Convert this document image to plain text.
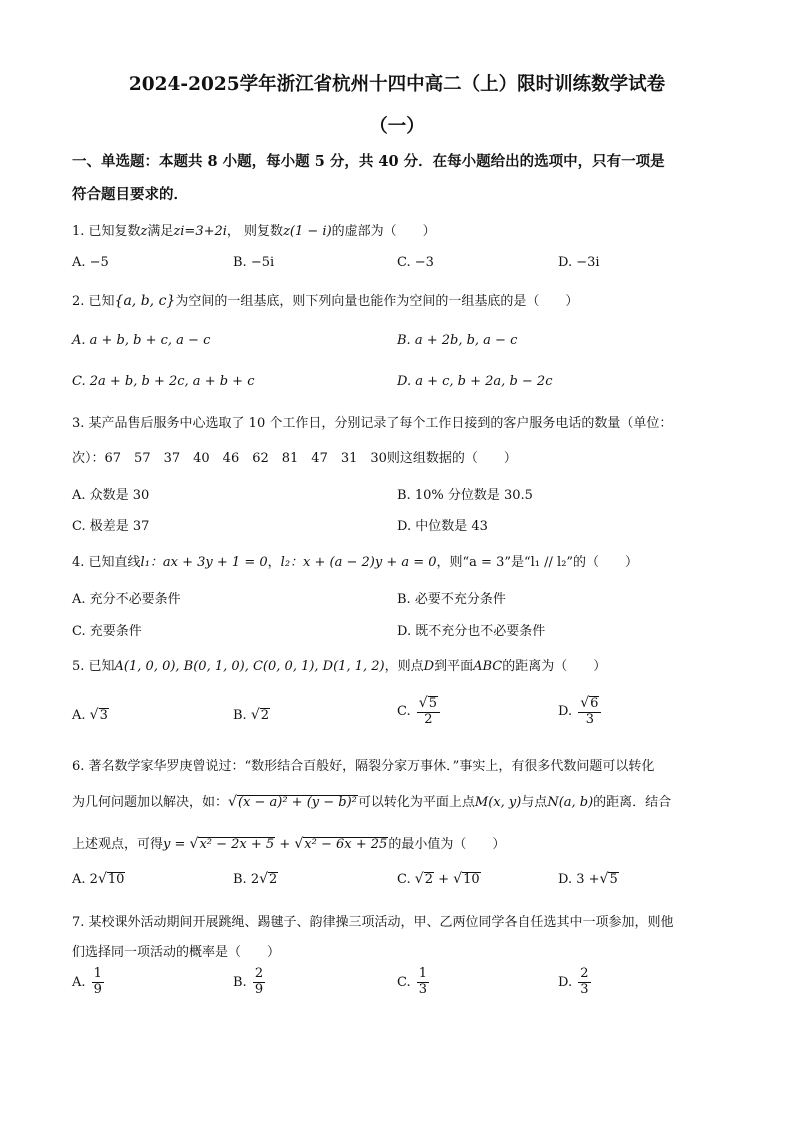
2024-2025学年浙江省杭州十四中高二（上）限时训练数学试卷
（一）
一、单选题：本题共 8 小题，每小题 5 分，共 40 分．在每小题给出的选项中，只有一项是
符合题目要求的．
1. 已知复数z满足zi=3+2i， 则复数z(1 − i)的虚部为（　　）
A. −5	B. −5i	C. −3	D. −3i
2. 已知{a, b, c}为空间的一组基底，则下列向量也能作为空间的一组基底的是（　　）
A. a + b, b + c, a − c	B. a + 2b, b, a − c
C. 2a + b, b + 2c, a + b + c	D. a + c, b + 2a, b − 2c
3. 某产品售后服务中心选取了 10 个工作日，分别记录了每个工作日接到的客户服务电话的数量（单位：
次）：67　57　37　40　46　62　81　47　31　30则这组数据的（　　）
A. 众数是 30	B. 10% 分位数是 30.5
C. 极差是 37	D. 中位数是 43
4. 已知直线l₁：ax + 3y + 1 = 0，l₂：x + (a − 2)y + a = 0，则“a = 3”是“l₁ // l₂”的（　　）
A. 充分不必要条件	B. 必要不充分条件
C. 充要条件	D. 既不充分也不必要条件
5. 已知A(1, 0, 0), B(0, 1, 0), C(0, 0, 1), D(1, 1, 2)，则点D到平面ABC的距离为（　　）
A. √3	B. √2	C. $\frac{√5}{2}$	D. $\frac{√6}{3}$
6. 著名数学家华罗庚曾说过：“数形结合百般好，隔裂分家万事休．”事实上，有很多代数问题可以转化
为几何问题加以解决，如：√(x − a)² + (y − b)²可以转化为平面上点M(x, y)与点N(a, b)的距离．结合
上述观点，可得y = √x² − 2x + 5 + √x² − 6x + 25的最小值为（　　）
A. 2√10	B. 2√2	C. √2 + √10	D. 3 +√5
7. 某校课外活动期间开展跳绳、踢毽子、韵律操三项活动，甲、乙两位同学各自任选其中一项参加，则他
们选择同一项活动的概率是（　　）
A. $\frac{1}{9}$	B. $\frac{2}{9}$	C. $\frac{1}{3}$	D. $\frac{2}{3}$
